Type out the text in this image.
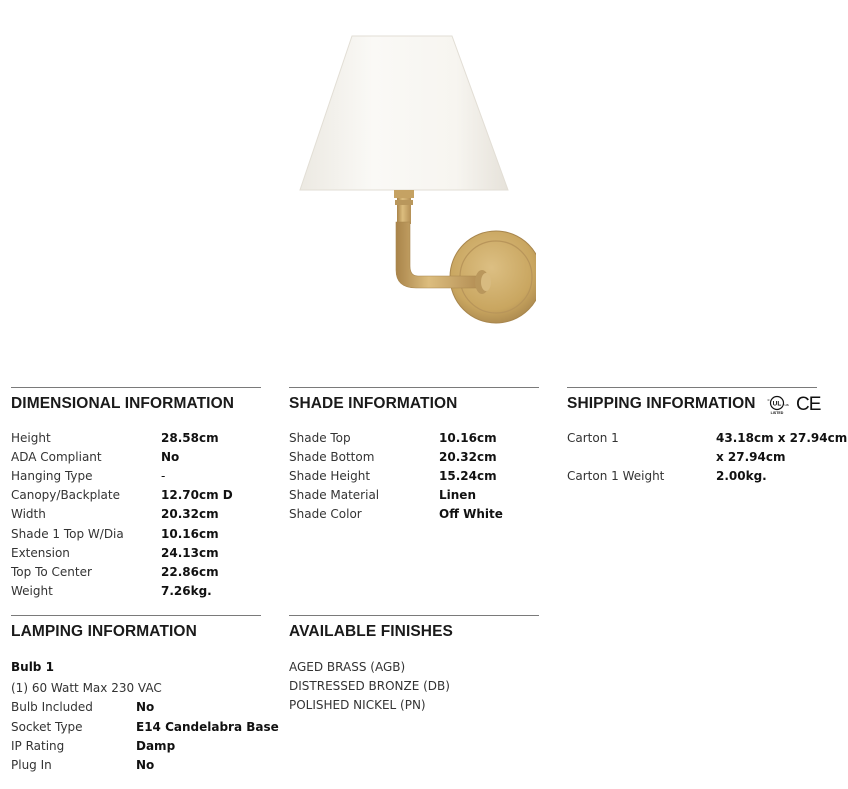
DIMENSIONAL INFORMATION
Height	28.58cm
ADA Compliant	No
Hanging Type	-
Canopy/Backplate	12.70cm D
Width	20.32cm
Shade 1 Top W/Dia	10.16cm
Extension	24.13cm
Top To Center	22.86cm
Weight	7.26kg.
SHADE INFORMATION
Shade Top	10.16cm
Shade Bottom	20.32cm
Shade Height	15.24cm
Shade Material	Linen
Shade Color	Off White
SHIPPING INFORMATION	UL
c
us
LISTED CE
Carton 1	43.18cm x 27.94cm
x 27.94cm
Carton 1 Weight	2.00kg.
LAMPING INFORMATION
Bulb 1
(1) 60 Watt Max 230 VAC
Bulb Included	No
Socket Type	E14 Candelabra Base
IP Rating	Damp
Plug In	No
AVAILABLE FINISHES
AGED BRASS (AGB)
DISTRESSED BRONZE (DB)
POLISHED NICKEL (PN)
